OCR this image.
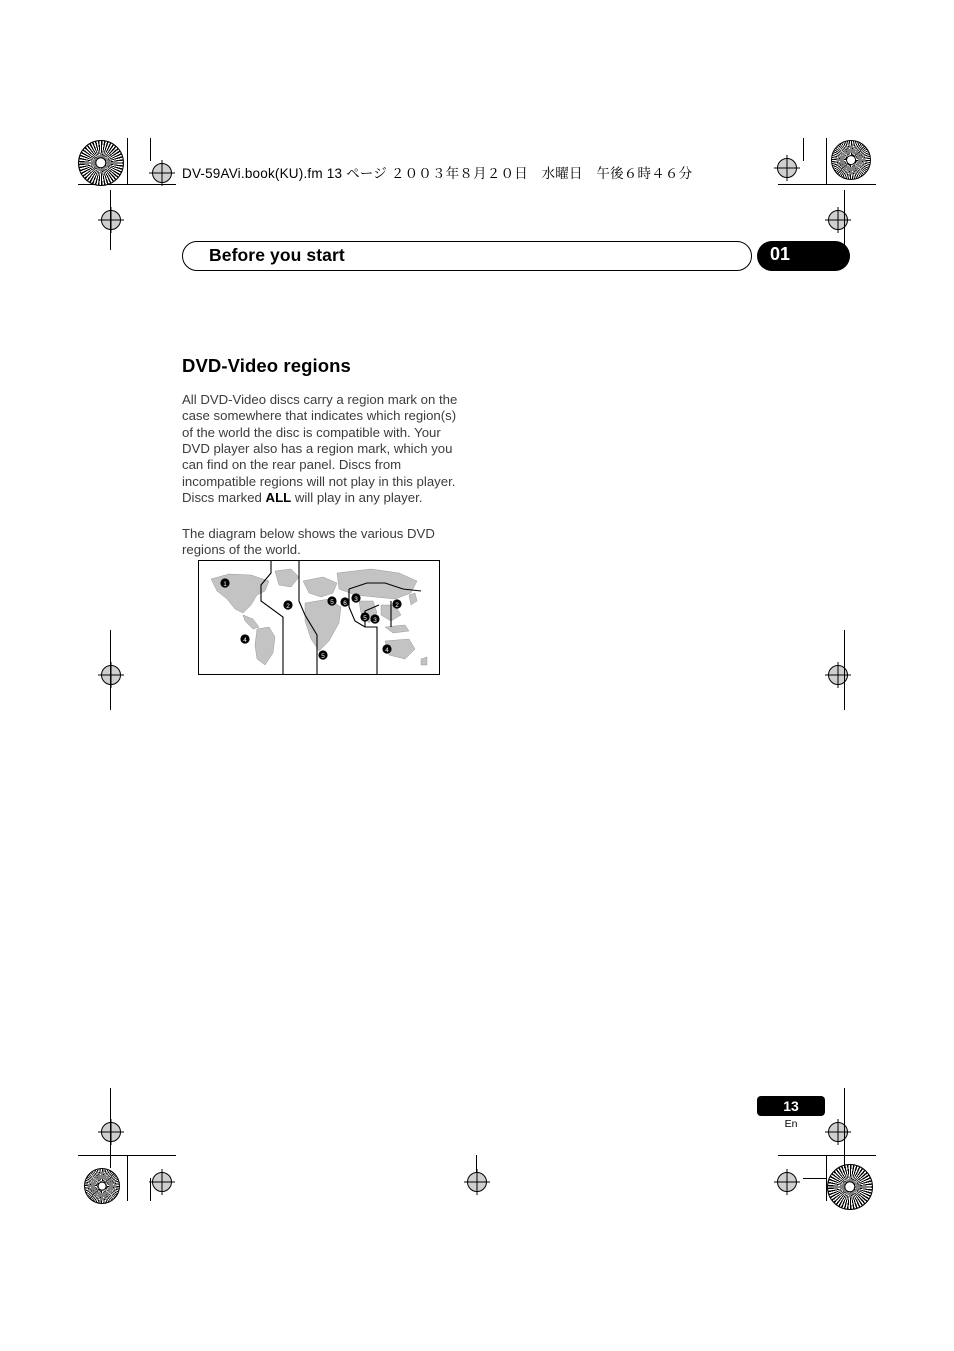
DV-59AVi.book(KU).fm 13 ページ ２００３年８月２０日　水曜日　午後６時４６分
Before you start	01
DVD-Video regions

All DVD-Video discs carry a region mark on the case somewhere that indicates which region(s) of the world the disc is compatible with. Your DVD player also has a region mark, which you can find on the rear panel. Discs from incompatible regions will not play in this player. Discs marked ALL will play in any player.

The diagram below shows the various DVD regions of the world.

1
2
5 6
3
2
5 3
4
5
4
13
En
